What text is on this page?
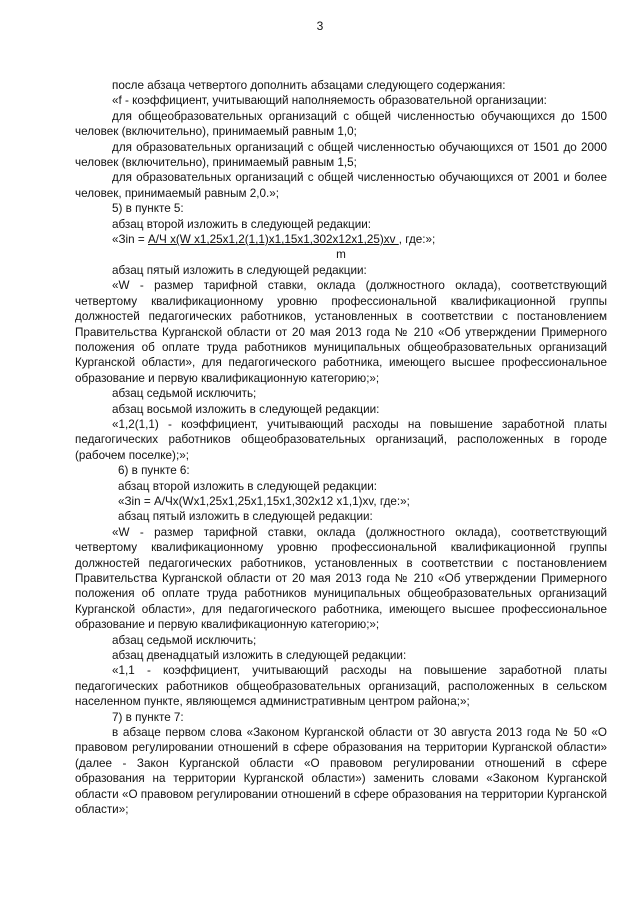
3

после абзаца четвертого дополнить абзацами следующего содержания:

«f - коэффициент, учитывающий наполняемость образовательной организации:

для общеобразовательных организаций с общей численностью обучающихся до 1500 человек (включительно), принимаемый равным 1,0;

для образовательных организаций с общей численностью обучающихся от 1501 до 2000 человек (включительно), принимаемый равным 1,5;

для образовательных организаций с общей численностью обучающихся от 2001 и более человек, принимаемый равным 2,0.»;

5) в пункте 5:

абзац второй изложить в следующей редакции:

«Зin = А/Ч х(W х1,25х1,2(1,1)х1,15х1,302х12х1,25)хv , где:»;

m

абзац пятый изложить в следующей редакции:

«W - размер тарифной ставки, оклада (должностного оклада), соответствующий четвертому квалификационному уровню профессиональной квалификационной группы должностей педагогических работников, установленных в соответствии с постановлением Правительства Курганской области от 20 мая 2013 года № 210 «Об утверждении Примерного положения об оплате труда работников муниципальных общеобразовательных организаций Курганской области», для педагогического работника, имеющего высшее профессиональное образование и первую квалификационную категорию;»;

абзац седьмой исключить;

абзац восьмой изложить в следующей редакции:

«1,2(1,1) - коэффициент, учитывающий расходы на повышение заработной платы педагогических работников общеобразовательных организаций, расположенных в городе (рабочем поселке);»;

6) в пункте 6:

абзац второй изложить в следующей редакции:

«Зin = А/Чх(Wх1,25х1,25х1,15х1,302х12 х1,1)хv, где:»;

абзац пятый изложить в следующей редакции:

«W - размер тарифной ставки, оклада (должностного оклада), соответствующий четвертому квалификационному уровню профессиональной квалификационной группы должностей педагогических работников, установленных в соответствии с постановлением Правительства Курганской области от 20 мая 2013 года № 210 «Об утверждении Примерного положения об оплате труда работников муниципальных общеобразовательных организаций Курганской области», для педагогического работника, имеющего высшее профессиональное образование и первую квалификационную категорию;»;

абзац седьмой исключить;

абзац двенадцатый изложить в следующей редакции:

«1,1 - коэффициент, учитывающий расходы на повышение заработной платы педагогических работников общеобразовательных организаций, расположенных в сельском населенном пункте, являющемся административным центром района;»;

7) в пункте 7:

в абзаце первом слова «Законом Курганской области от 30 августа 2013 года № 50 «О правовом регулировании отношений в сфере образования на территории Курганской области» (далее - Закон Курганской области «О правовом регулировании отношений в сфере образования на территории Курганской области») заменить словами «Законом Курганской области «О правовом регулировании отношений в сфере образования на территории Курганской области»;
